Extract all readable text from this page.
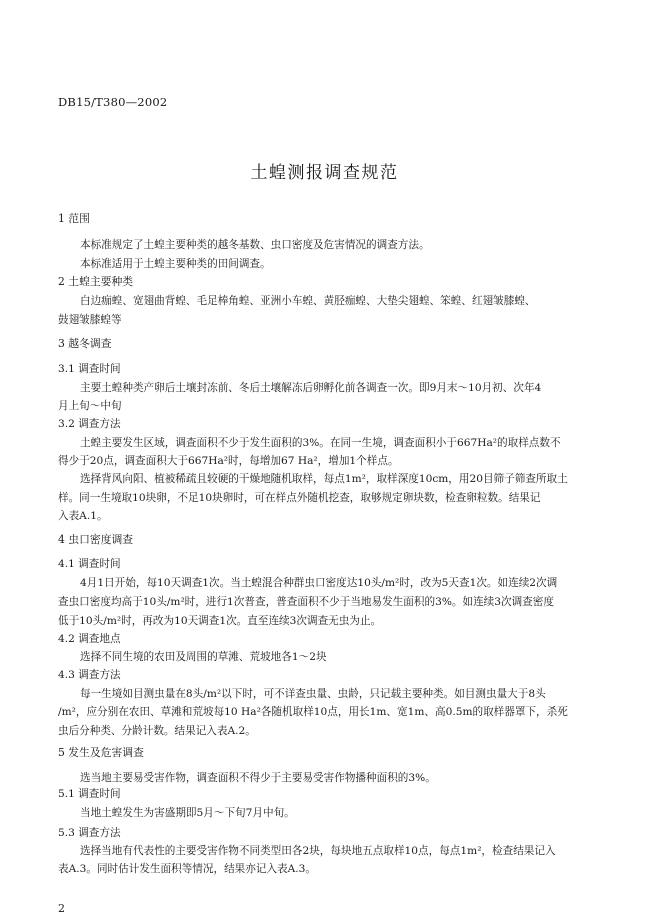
DB15/T380—2002
土蝗测报调查规范
1 范围
本标准规定了土蝗主要种类的越冬基数、虫口密度及危害情况的调查方法。
本标准适用于土蝗主要种类的田间调查。
2 土蝗主要种类
白边痂蝗、宽翅曲背蝗、毛足棒角蝗、亚洲小车蝗、黄胫痂蝗、大垫尖翅蝗、笨蝗、红翅皱膝蝗、
鼓翅皱膝蝗等
3 越冬调查
3.1 调查时间
主要土蝗种类产卵后土壤封冻前、冬后土壤解冻后卵孵化前各调查一次。即9月末～10月初、次年4
月上旬～中旬
3.2 调查方法
土蝗主要发生区域，调查面积不少于发生面积的3%。在同一生境，调查面积小于667Ha²的取样点数不
得少于20点，调查面积大于667Ha²时，每增加67 Ha²，增加1个样点。
选择背风向阳、植被稀疏且较硬的干燥地随机取样，每点1m²，取样深度10cm，用20目筛子筛查所取土
样。同一生境取10块卵，不足10块卵时，可在样点外随机挖查，取够规定卵块数，检查卵粒数。结果记
入表A.1。
4 虫口密度调查
4.1 调查时间
4月1日开始，每10天调查1次。当土蝗混合种群虫口密度达10头/m²时，改为5天查1次。如连续2次调
查虫口密度均高于10头/m²时，进行1次普查，普查面积不少于当地易发生面积的3%。如连续3次调查密度
低于10头/m²时，再改为10天调查1次。直至连续3次调查无虫为止。
4.2 调查地点
选择不同生境的农田及周围的草滩、荒坡地各1～2块
4.3 调查方法
每一生境如目测虫量在8头/m²以下时，可不详查虫量、虫龄，只记载主要种类。如目测虫量大于8头
/m²，应分别在农田、草滩和荒坡每10 Ha²各随机取样10点，用长1m、宽1m、高0.5m的取样器罩下，杀死
虫后分种类、分龄计数。结果记入表A.2。
5 发生及危害调查
选当地主要易受害作物，调查面积不得少于主要易受害作物播种面积的3%。
5.1 调查时间
当地土蝗发生为害盛期即5月～下旬7月中旬。
5.3 调查方法
选择当地有代表性的主要受害作物不同类型田各2块，每块地五点取样10点，每点1m²，检查结果记入
表A.3。同时估计发生面积等情况，结果亦记入表A.3。
2
